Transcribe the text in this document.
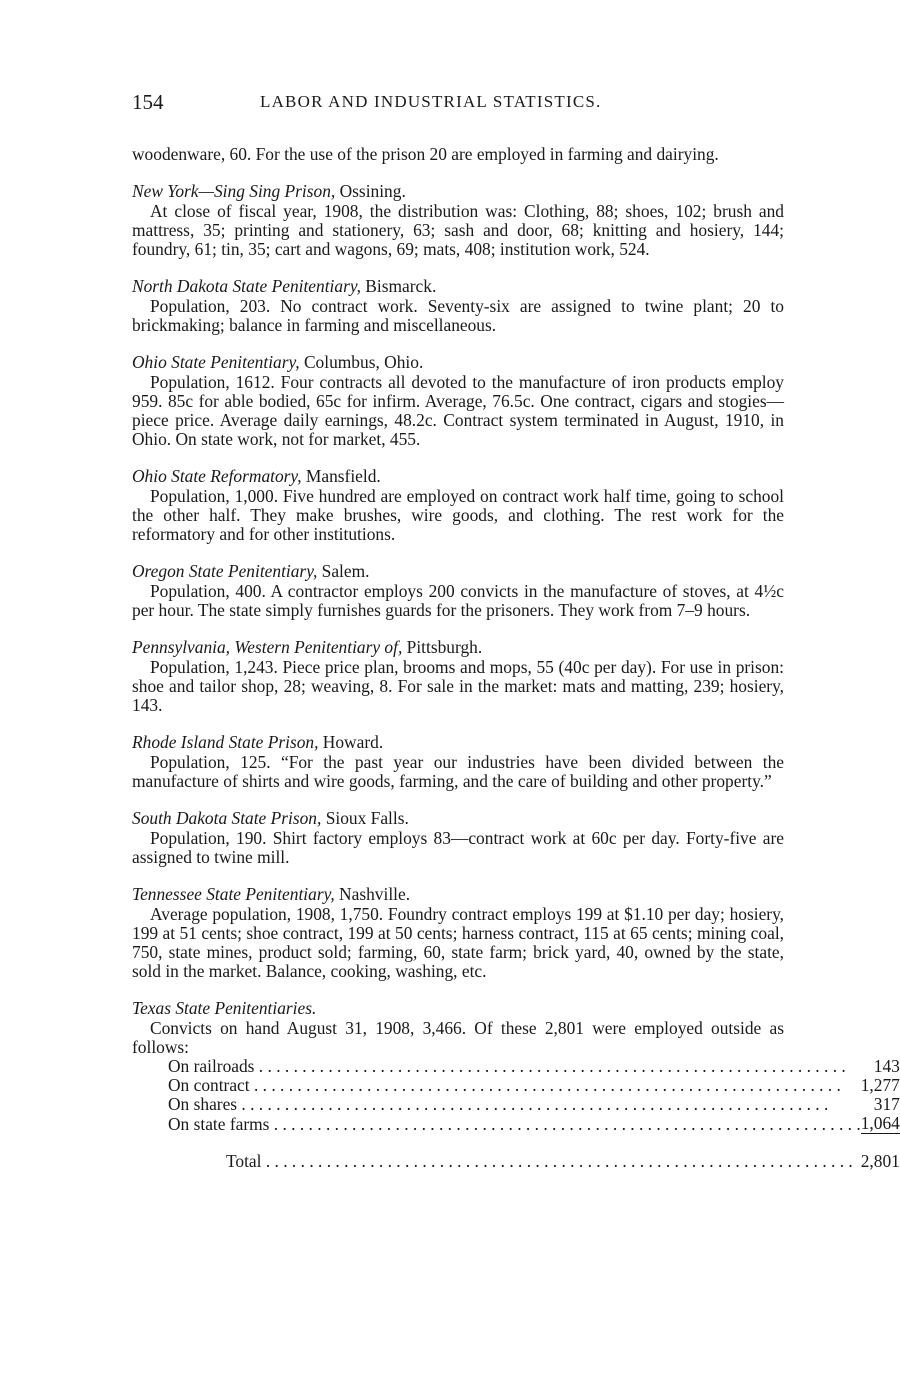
154	LABOR AND INDUSTRIAL STATISTICS.

woodenware, 60. For the use of the prison 20 are employed in farming and dairying.

New York—Sing Sing Prison, Ossining.

At close of fiscal year, 1908, the distribution was: Clothing, 88; shoes, 102; brush and mattress, 35; printing and stationery, 63; sash and door, 68; knitting and hosiery, 144; foundry, 61; tin, 35; cart and wagons, 69; mats, 408; institution work, 524.

North Dakota State Penitentiary, Bismarck.

Population, 203. No contract work. Seventy-six are assigned to twine plant; 20 to brickmaking; balance in farming and miscellaneous.

Ohio State Penitentiary, Columbus, Ohio.

Population, 1612. Four contracts all devoted to the manufacture of iron products employ 959. 85c for able bodied, 65c for infirm. Average, 76.5c. One contract, cigars and stogies—piece price. Average daily earnings, 48.2c. Contract system terminated in August, 1910, in Ohio. On state work, not for market, 455.

Ohio State Reformatory, Mansfield.

Population, 1,000. Five hundred are employed on contract work half time, going to school the other half. They make brushes, wire goods, and clothing. The rest work for the reformatory and for other institutions.

Oregon State Penitentiary, Salem.

Population, 400. A contractor employs 200 convicts in the manufacture of stoves, at 4½c per hour. The state simply furnishes guards for the prisoners. They work from 7–9 hours.

Pennsylvania, Western Penitentiary of, Pittsburgh.

Population, 1,243. Piece price plan, brooms and mops, 55 (40c per day). For use in prison: shoe and tailor shop, 28; weaving, 8. For sale in the market: mats and matting, 239; hosiery, 143.

Rhode Island State Prison, Howard.

Population, 125. “For the past year our industries have been divided between the manufacture of shirts and wire goods, farming, and the care of building and other property.”

South Dakota State Prison, Sioux Falls.

Population, 190. Shirt factory employs 83—contract work at 60c per day. Forty-five are assigned to twine mill.

Tennessee State Penitentiary, Nashville.

Average population, 1908, 1,750. Foundry contract employs 199 at $1.10 per day; hosiery, 199 at 51 cents; shoe contract, 199 at 50 cents; harness contract, 115 at 65 cents; mining coal, 750, state mines, product sold; farming, 60, state farm; brick yard, 40, owned by the state, sold in the market. Balance, cooking, washing, etc.

Texas State Penitentiaries.

Convicts on hand August 31, 1908, 3,466. Of these 2,801 were employed outside as follows:

On railroads . . .	143

On contract . . .	1,277

On shares . . .	317

On state farms . . .	1,064

Total . . .	2,801
